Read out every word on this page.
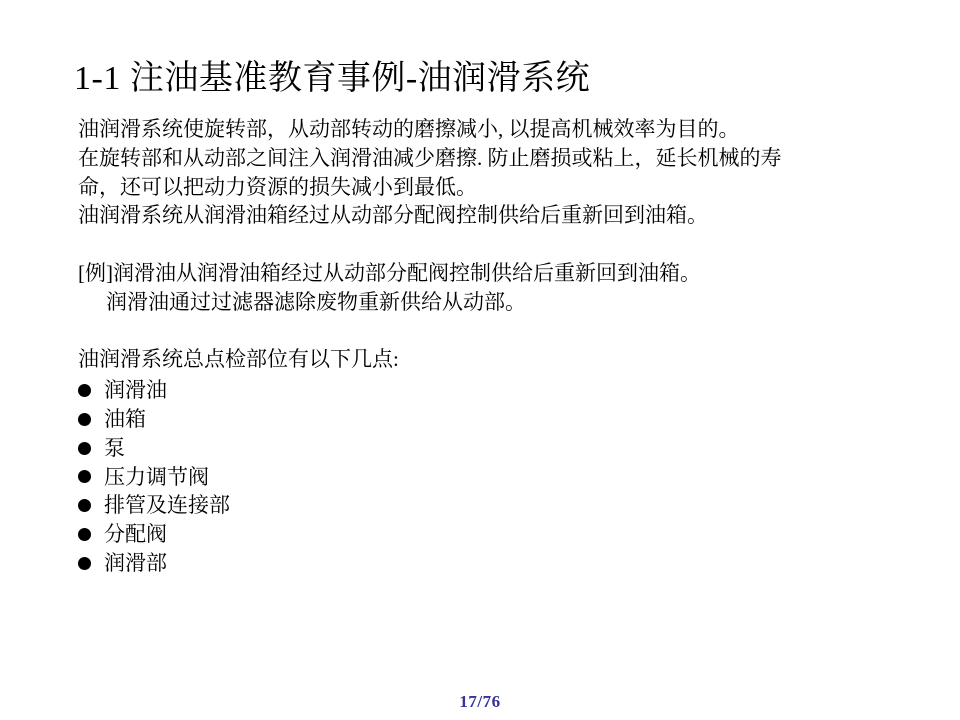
1-1 注油基准教育事例-油润滑系统
油润滑系统使旋转部，从动部转动的磨擦减小, 以提高机械效率为目的。
在旋转部和从动部之间注入润滑油减少磨擦. 防止磨损或粘上，延长机械的寿
命，还可以把动力资源的损失减小到最低。
油润滑系统从润滑油箱经过从动部分配阀控制供给后重新回到油箱。
[例]润滑油从润滑油箱经过从动部分配阀控制供给后重新回到油箱。
润滑油通过过滤器滤除废物重新供给从动部。
油润滑系统总点检部位有以下几点:
润滑油
油箱
泵
压力调节阀
排管及连接部
分配阀
润滑部
17/76
